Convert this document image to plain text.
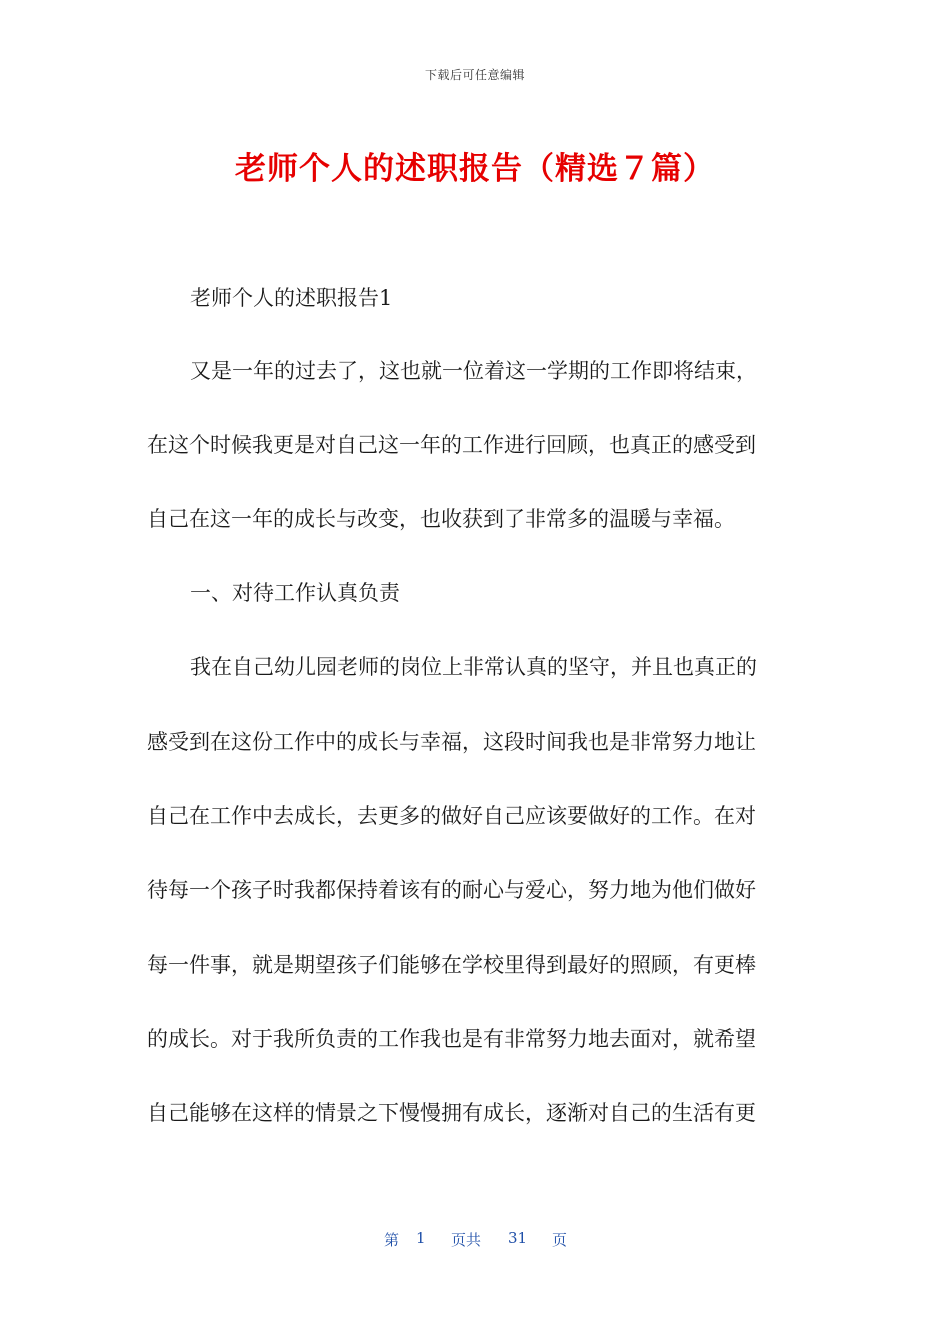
下载后可任意编辑
老师个人的述职报告（精选７篇）
老师个人的述职报告1
又是一年的过去了，这也就一位着这一学期的工作即将结束，
在这个时候我更是对自己这一年的工作进行回顾，也真正的感受到
自己在这一年的成长与改变，也收获到了非常多的温暖与幸福。
一、对待工作认真负责
我在自己幼儿园老师的岗位上非常认真的坚守，并且也真正的
感受到在这份工作中的成长与幸福，这段时间我也是非常努力地让
自己在工作中去成长，去更多的做好自己应该要做好的工作。在对
待每一个孩子时我都保持着该有的耐心与爱心，努力地为他们做好
每一件事，就是期望孩子们能够在学校里得到最好的照顾，有更棒
的成长。对于我所负责的工作我也是有非常努力地去面对，就希望
自己能够在这样的情景之下慢慢拥有成长，逐渐对自己的生活有更
第 1 页共 31 页
